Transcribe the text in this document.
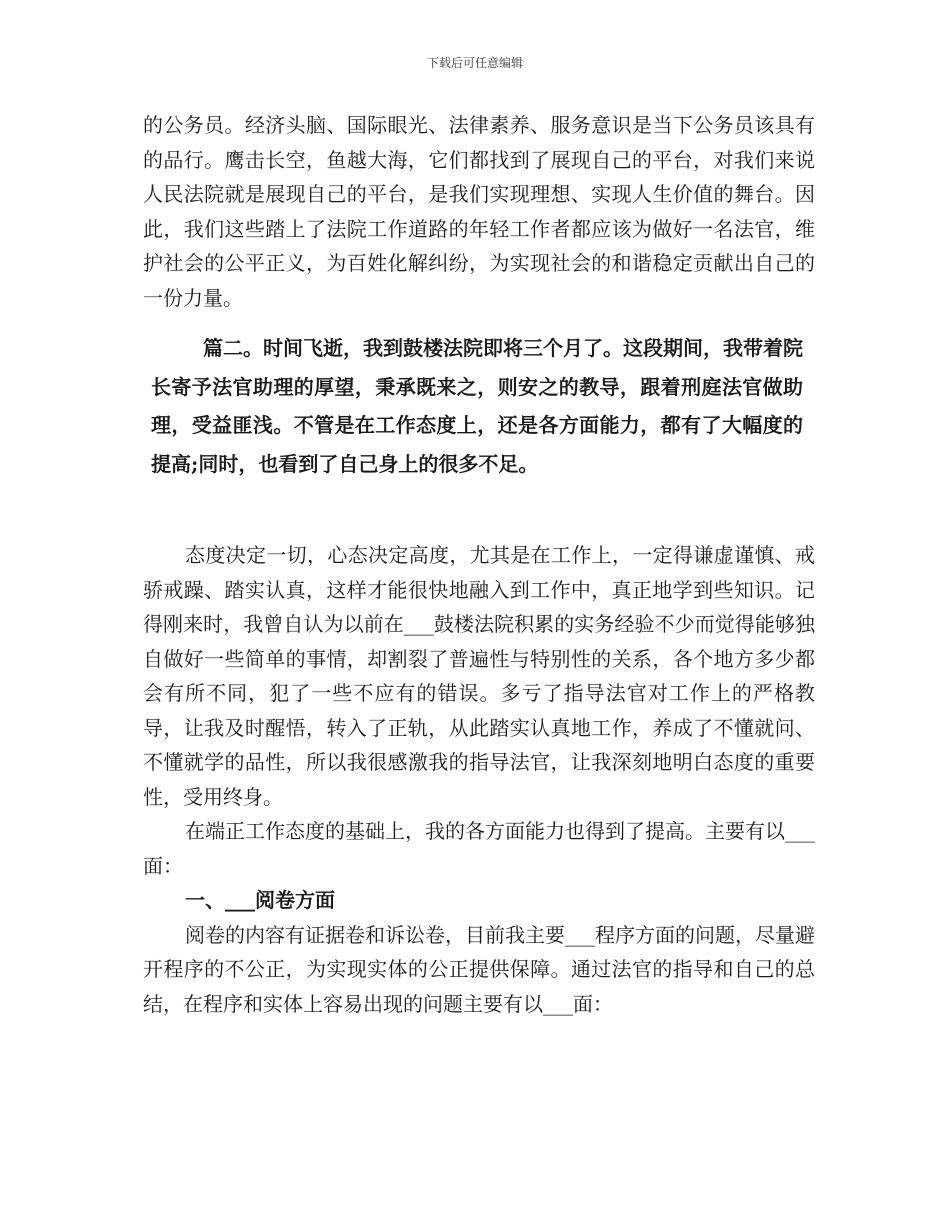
下载后可任意编辑

的公务员。经济头脑、国际眼光、法律素养、服务意识是当下公务员该具有的品行。鹰击长空，鱼越大海，它们都找到了展现自己的平台，对我们来说人民法院就是展现自己的平台，是我们实现理想、实现人生价值的舞台。因此，我们这些踏上了法院工作道路的年轻工作者都应该为做好一名法官，维护社会的公平正义，为百姓化解纠纷，为实现社会的和谐稳定贡献出自己的一份力量。

篇二。时间飞逝，我到鼓楼法院即将三个月了。这段期间，我带着院长寄予法官助理的厚望，秉承既来之，则安之的教导，跟着刑庭法官做助理，受益匪浅。不管是在工作态度上，还是各方面能力，都有了大幅度的提高;同时，也看到了自己身上的很多不足。

态度决定一切，心态决定高度，尤其是在工作上，一定得谦虚谨慎、戒骄戒躁、踏实认真，这样才能很快地融入到工作中，真正地学到些知识。记得刚来时，我曾自认为以前在___鼓楼法院积累的实务经验不少而觉得能够独自做好一些简单的事情，却割裂了普遍性与特别性的关系，各个地方多少都会有所不同，犯了一些不应有的错误。多亏了指导法官对工作上的严格教导，让我及时醒悟，转入了正轨，从此踏实认真地工作，养成了不懂就问、不懂就学的品性，所以我很感激我的指导法官，让我深刻地明白态度的重要性，受用终身。

在端正工作态度的基础上，我的各方面能力也得到了提高。主要有以___面：

一、___阅卷方面

阅卷的内容有证据卷和诉讼卷，目前我主要___程序方面的问题，尽量避开程序的不公正，为实现实体的公正提供保障。通过法官的指导和自己的总结，在程序和实体上容易出现的问题主要有以___面：
